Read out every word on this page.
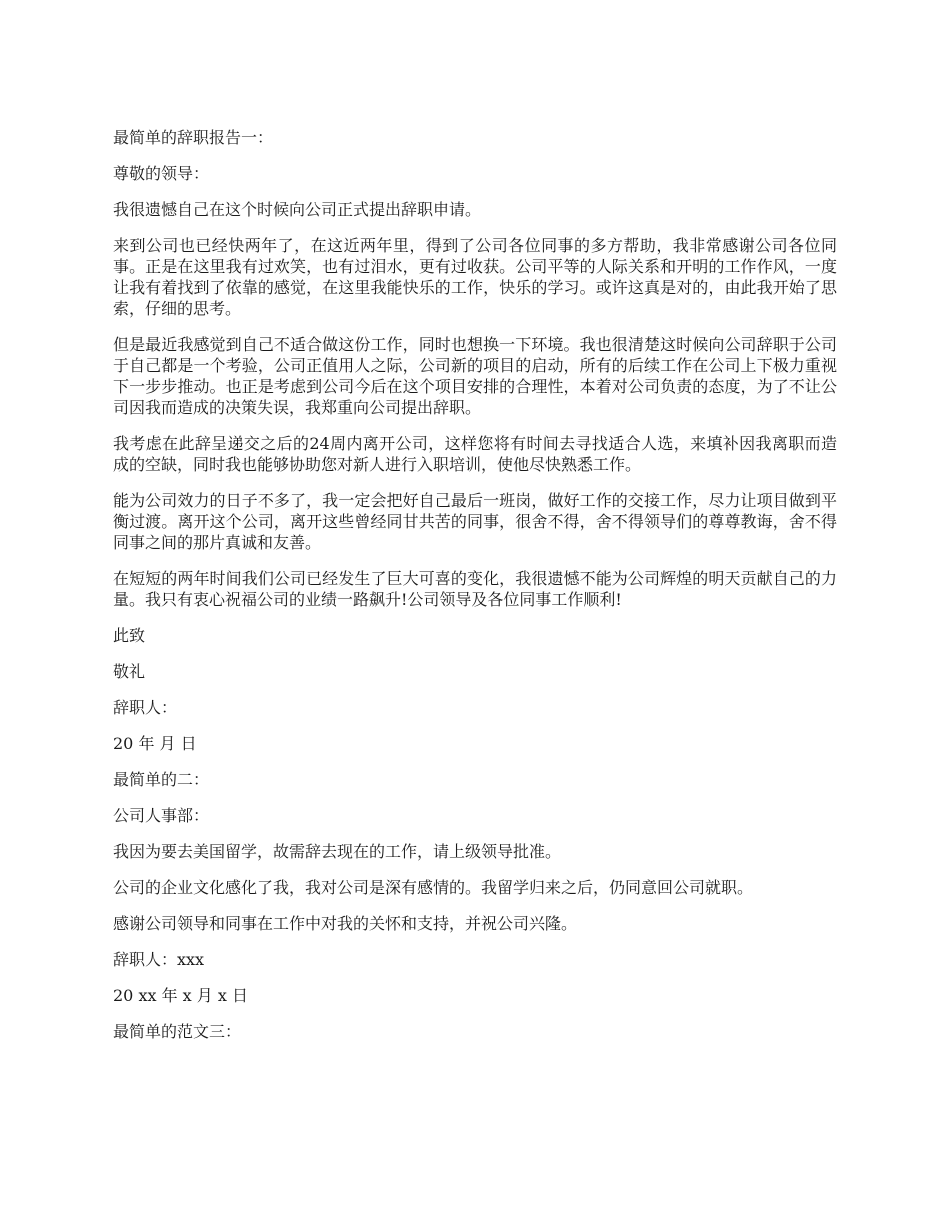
最简单的辞职报告一：

尊敬的领导：

我很遗憾自己在这个时候向公司正式提出辞职申请。

来到公司也已经快两年了，在这近两年里，得到了公司各位同事的多方帮助，我非常感谢公司各位同事。正是在这里我有过欢笑，也有过泪水，更有过收获。公司平等的人际关系和开明的工作作风，一度让我有着找到了依靠的感觉，在这里我能快乐的工作，快乐的学习。或许这真是对的，由此我开始了思索，仔细的思考。

但是最近我感觉到自己不适合做这份工作，同时也想换一下环境。我也很清楚这时候向公司辞职于公司于自己都是一个考验，公司正值用人之际，公司新的项目的启动，所有的后续工作在公司上下极力重视下一步步推动。也正是考虑到公司今后在这个项目安排的合理性，本着对公司负责的态度，为了不让公司因我而造成的决策失误，我郑重向公司提出辞职。

我考虑在此辞呈递交之后的24周内离开公司，这样您将有时间去寻找适合人选，来填补因我离职而造成的空缺，同时我也能够协助您对新人进行入职培训，使他尽快熟悉工作。

能为公司效力的日子不多了，我一定会把好自己最后一班岗，做好工作的交接工作，尽力让项目做到平衡过渡。离开这个公司，离开这些曾经同甘共苦的同事，很舍不得，舍不得领导们的尊尊教诲，舍不得同事之间的那片真诚和友善。

在短短的两年时间我们公司已经发生了巨大可喜的变化，我很遗憾不能为公司辉煌的明天贡献自己的力量。我只有衷心祝福公司的业绩一路飙升!公司领导及各位同事工作顺利!

此致

敬礼

辞职人：

20 年 月 日

最简单的二：

公司人事部：

我因为要去美国留学，故需辞去现在的工作，请上级领导批准。

公司的企业文化感化了我，我对公司是深有感情的。我留学归来之后，仍同意回公司就职。

感谢公司领导和同事在工作中对我的关怀和支持，并祝公司兴隆。

辞职人：xxx

20 xx 年 x 月 x 日

最简单的范文三：
